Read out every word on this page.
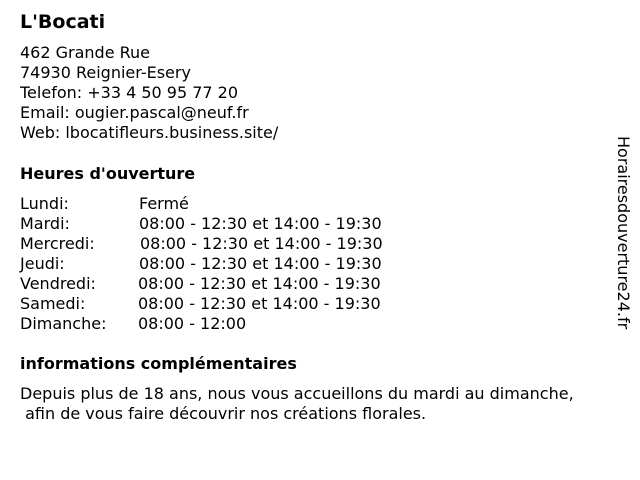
L'Bocati
462 Grande Rue
74930 Reignier-Esery
Telefon: +33 4 50 95 77 20
Email: ougier.pascal@neuf.fr
Web: lbocatifleurs.business.site/
Heures d'ouverture
Lundi:	Fermé
Mardi:	08:00 - 12:30 et 14:00 - 19:30
Mercredi:	08:00 - 12:30 et 14:00 - 19:30
Jeudi:	08:00 - 12:30 et 14:00 - 19:30
Vendredi:	08:00 - 12:30 et 14:00 - 19:30
Samedi:	08:00 - 12:30 et 14:00 - 19:30
Dimanche: 08:00 - 12:00
informations complémentaires
Depuis plus de 18 ans, nous vous accueillons du mardi au dimanche,
afin de vous faire découvrir nos créations florales.
Horairesdouverture24.fr
